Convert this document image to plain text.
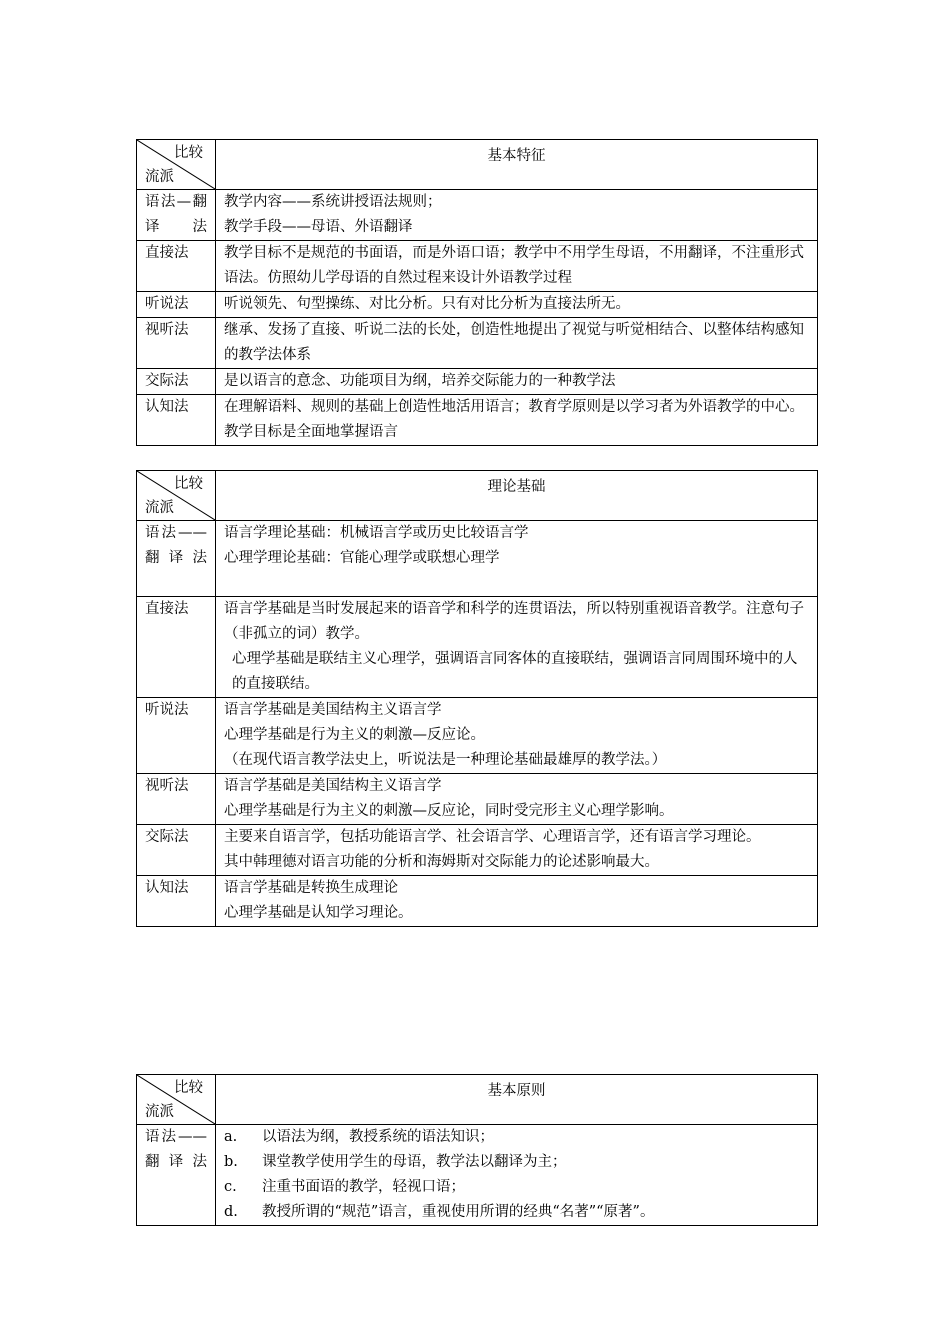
比较
流派	基本特征
语法—翻译法	教学内容——系统讲授语法规则；
教学手段——母语、外语翻译

直接法	教学目标不是规范的书面语，而是外语口语；教学中不用学生母语，不用翻译，不注重形式语法。仿照幼儿学母语的自然过程来设计外语教学过程

听说法	听说领先、句型操练、对比分析。只有对比分析为直接法所无。

视听法	继承、发扬了直接、听说二法的长处，创造性地提出了视觉与听觉相结合、以整体结构感知的教学法体系

交际法	是以语言的意念、功能项目为纲，培养交际能力的一种教学法

认知法	在理解语料、规则的基础上创造性地活用语言；教育学原则是以学习者为外语教学的中心。教学目标是全面地掌握语言
比较
流派	理论基础
语法——翻译法	语言学理论基础：机械语言学或历史比较语言学
心理学理论基础：官能心理学或联想心理学

直接法	语言学基础是当时发展起来的语音学和科学的连贯语法，所以特别重视语音教学。注意句子（非孤立的词）教学。
心理学基础是联结主义心理学，强调语言同客体的直接联结，强调语言同周围环境中的人的直接联结。

听说法	语言学基础是美国结构主义语言学
心理学基础是行为主义的刺激—反应论。
（在现代语言教学法史上，听说法是一种理论基础最雄厚的教学法。）

视听法	语言学基础是美国结构主义语言学
心理学基础是行为主义的刺激—反应论，同时受完形主义心理学影响。

交际法	主要来自语言学，包括功能语言学、社会语言学、心理语言学，还有语言学习理论。
其中韩理德对语言功能的分析和海姆斯对交际能力的论述影响最大。

认知法	语言学基础是转换生成理论
心理学基础是认知学习理论。
比较
流派	基本原则
语法——翻译法	a. 以语法为纲，教授系统的语法知识；
b. 课堂教学使用学生的母语，教学法以翻译为主；
c. 注重书面语的教学，轻视口语；
d. 教授所谓的“规范”语言，重视使用所谓的经典“名著”“原著”。
